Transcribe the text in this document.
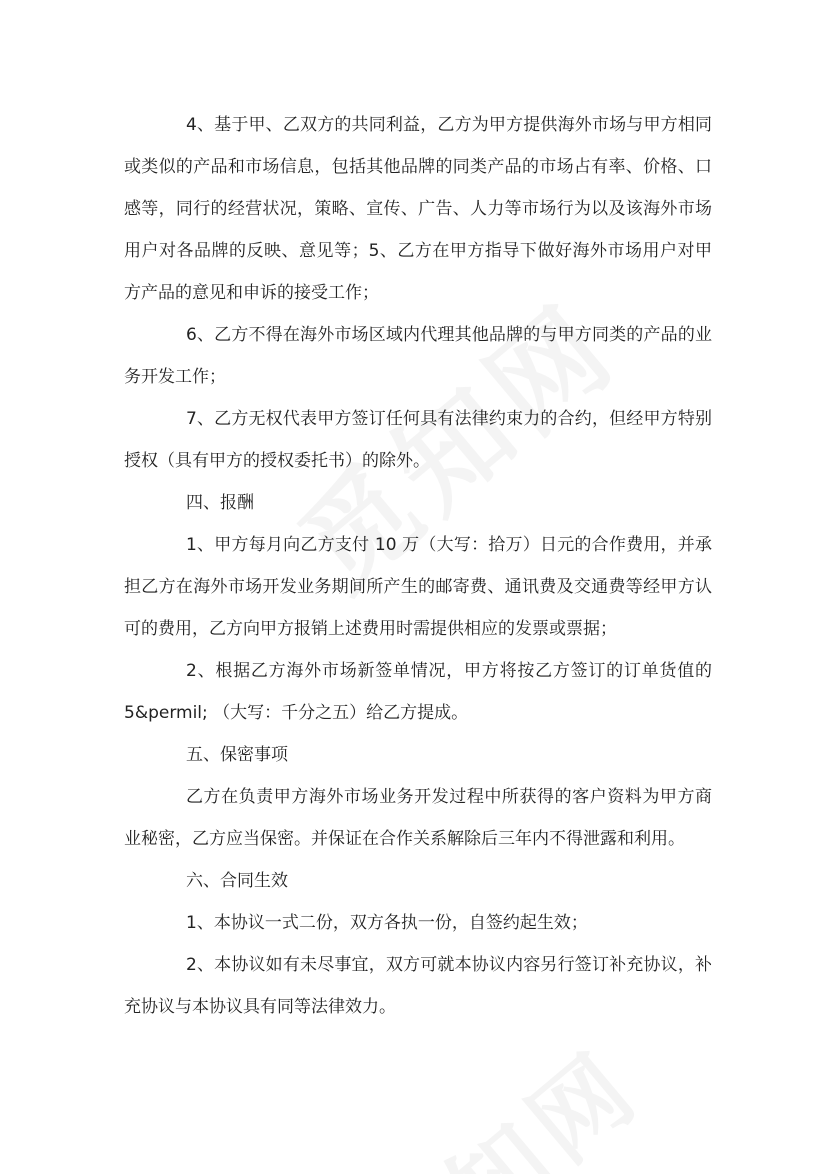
4、基于甲、乙双方的共同利益，乙方为甲方提供海外市场与甲方相同或类似的产品和市场信息，包括其他品牌的同类产品的市场占有率、价格、口感等，同行的经营状况，策略、宣传、广告、人力等市场行为以及该海外市场用户对各品牌的反映、意见等；5、乙方在甲方指导下做好海外市场用户对甲方产品的意见和申诉的接受工作；

6、乙方不得在海外市场区域内代理其他品牌的与甲方同类的产品的业务开发工作；

7、乙方无权代表甲方签订任何具有法律约束力的合约，但经甲方特别授权（具有甲方的授权委托书）的除外。

四、报酬

1、甲方每月向乙方支付 10 万（大写：拾万）日元的合作费用，并承担乙方在海外市场开发业务期间所产生的邮寄费、通讯费及交通费等经甲方认可的费用，乙方向甲方报销上述费用时需提供相应的发票或票据；

2、根据乙方海外市场新签单情况，甲方将按乙方签订的订单货值的 5&permil; （大写：千分之五）给乙方提成。

五、保密事项

乙方在负责甲方海外市场业务开发过程中所获得的客户资料为甲方商业秘密，乙方应当保密。并保证在合作关系解除后三年内不得泄露和利用。

六、合同生效

1、本协议一式二份，双方各执一份，自签约起生效；

2、本协议如有未尽事宜，双方可就本协议内容另行签订补充协议，补充协议与本协议具有同等法律效力。
